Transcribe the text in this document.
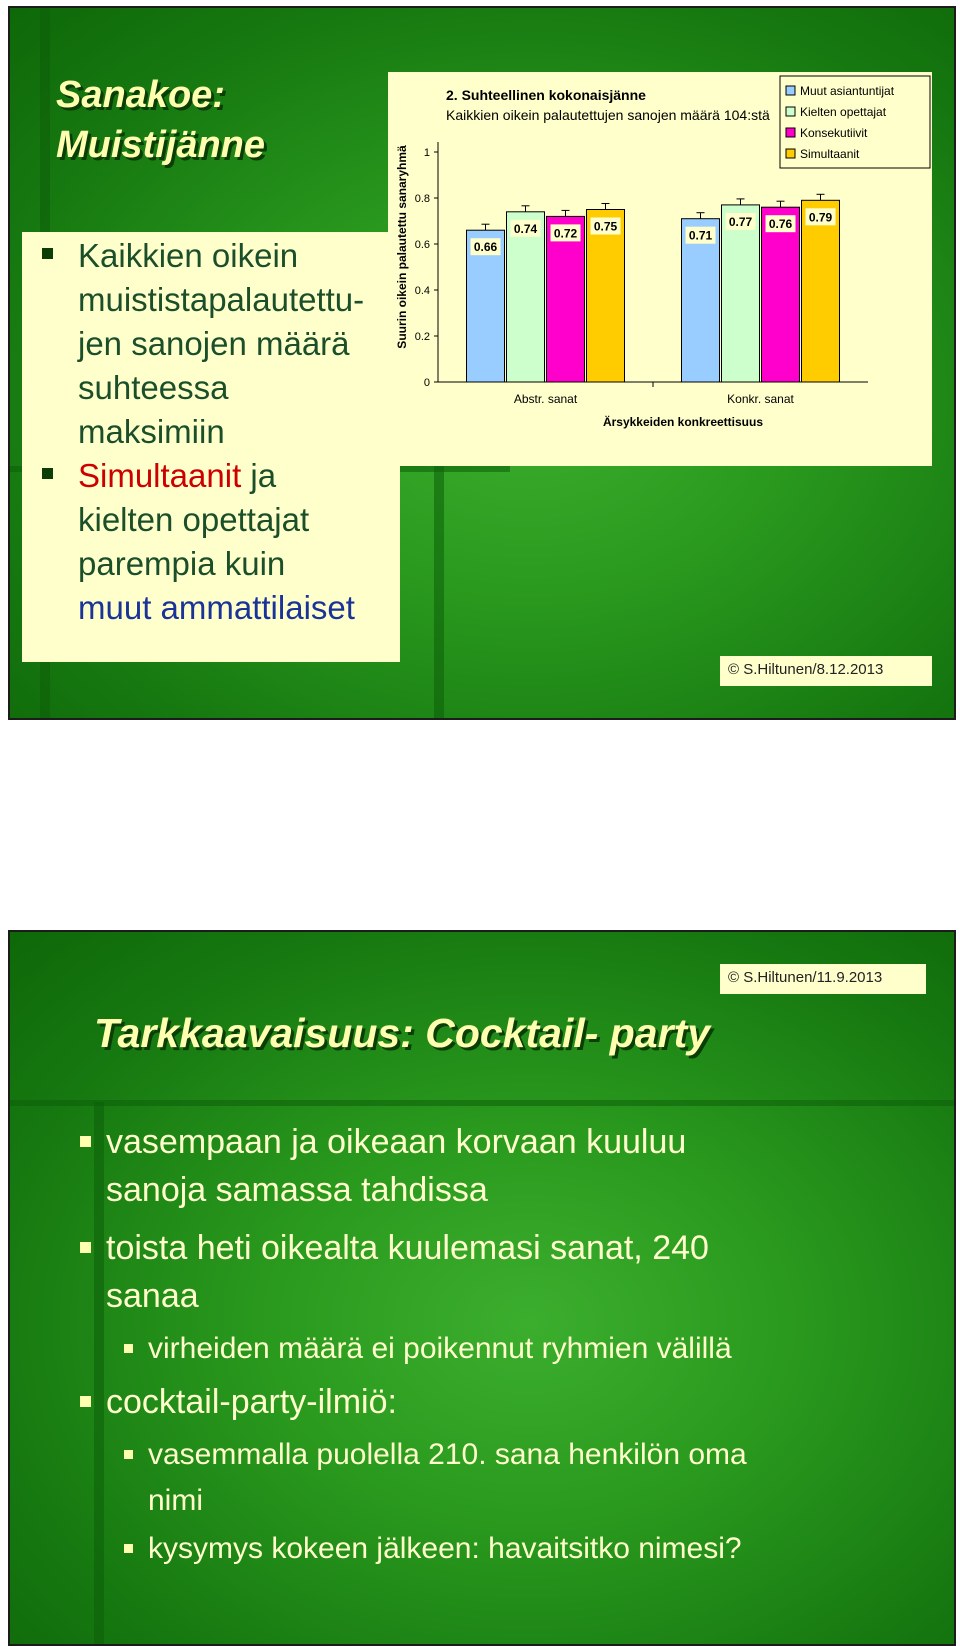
Sanakoe:
Muistijänne
Kaikkien oikein
muististapalautettu-
jen sanojen määrä
suhteessa
maksimiin
Simultaanit ja
kielten opettajat
parempia kuin
muut ammattilaiset
2. Suhteellinen kokonaisjänne
Kaikkien oikein palautettujen sanojen määrä 104:stä
Suurin oikein palautettu sanaryhmä
0
0.2
0.4
0.6
0.8
1
0.66
0.74 0.72 0.75
Abstr. sanat
0.71
0.77 0.76 0.79
Konkr. sanat
Ärsykkeiden konkreettisuus
Muut asiantuntijat
Kielten opettajat
Konsekutiivit
Simultaanit
© S.Hiltunen/8.12.2013
© S.Hiltunen/11.9.2013
Tarkkaavaisuus: Cocktail- party
vasempaan ja oikeaan korvaan kuuluu
sanoja samassa tahdissa
toista heti oikealta kuulemasi sanat, 240
sanaa
virheiden määrä ei poikennut ryhmien välillä
cocktail-party-ilmiö:
vasemmalla puolella 210. sana henkilön oma
nimi
kysymys kokeen jälkeen: havaitsitko nimesi?
